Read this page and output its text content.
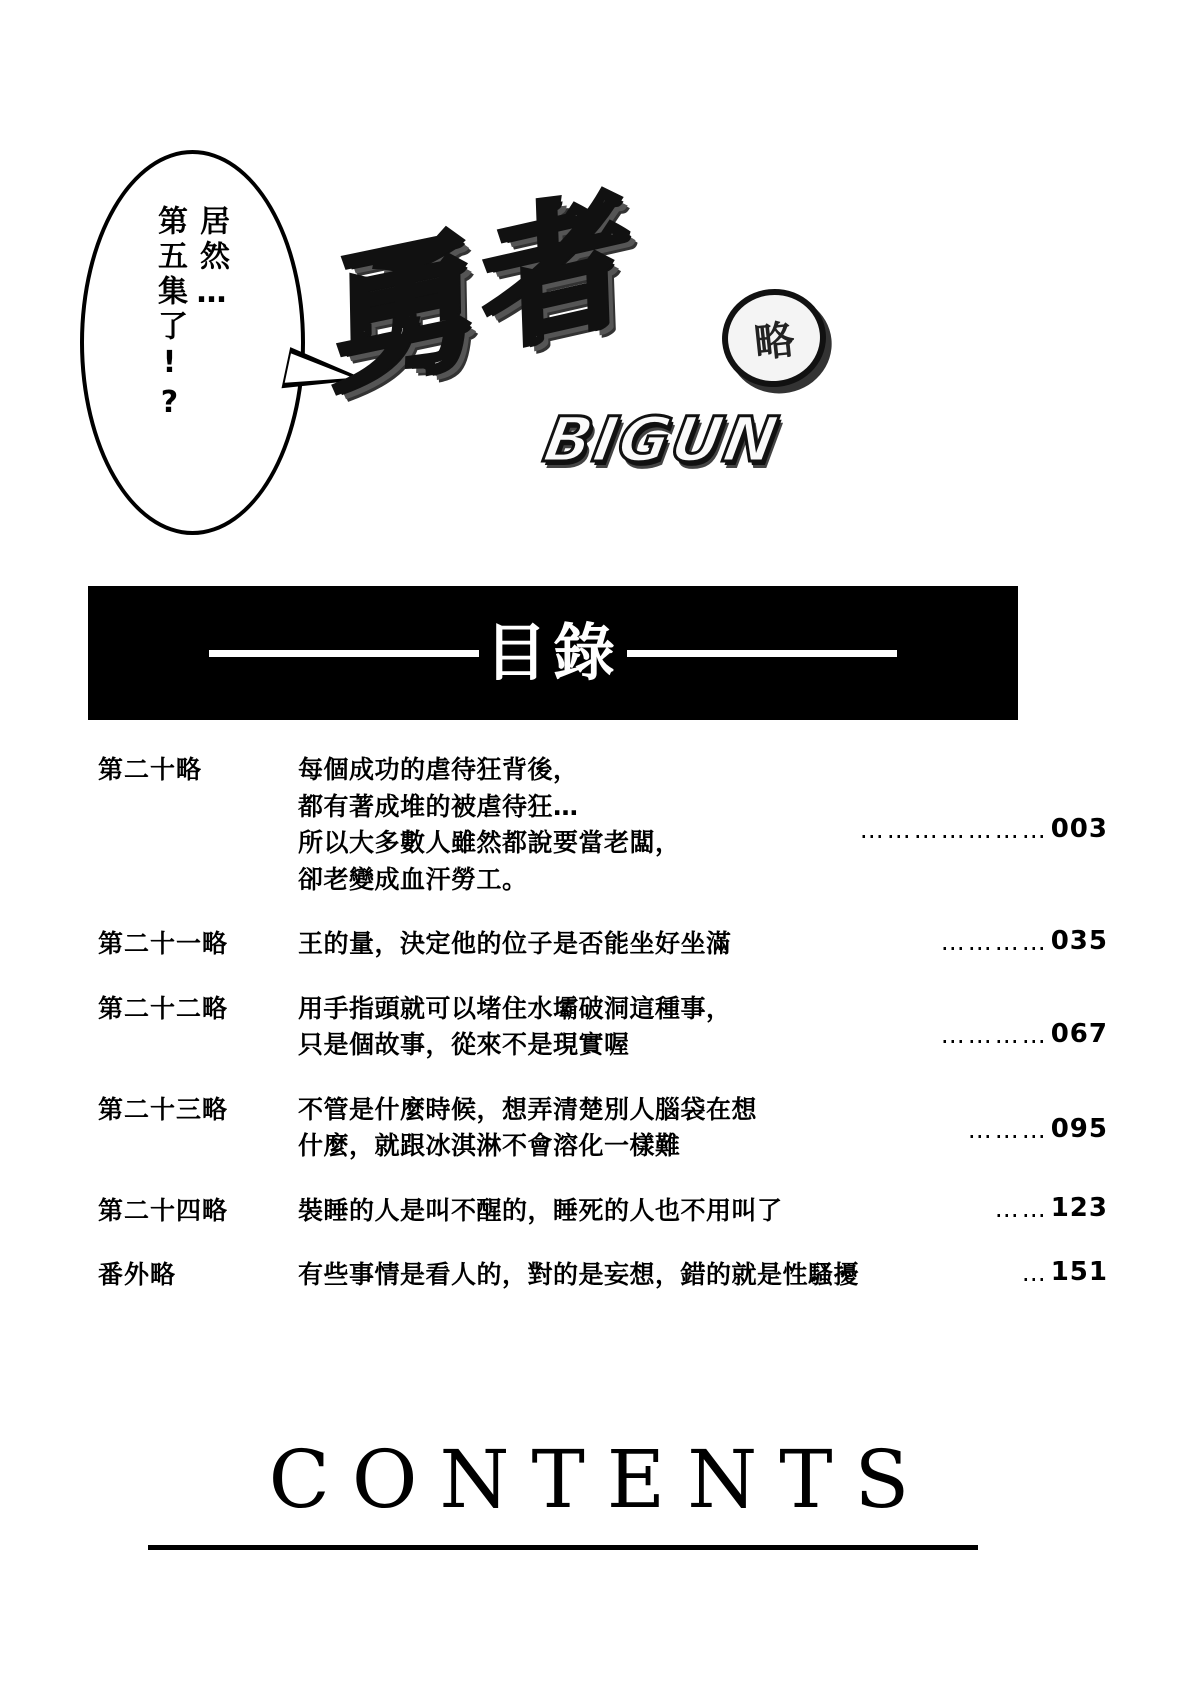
居然…
第五集了!? 勇者	略
BIGUN
目錄
第二十略	每個成功的虐待狂背後，
都有著成堆的被虐待狂…
所以大多數人雖然都說要當老闆，
卻老變成血汗勞工。
………………… 003
第二十一略	王的量，決定他的位子是否能坐好坐滿	………… 035
第二十二略	用手指頭就可以堵住水壩破洞這種事，
只是個故事，從來不是現實喔	………… 067
第二十三略	不管是什麼時候，想弄清楚別人腦袋在想
什麼，就跟冰淇淋不會溶化一樣難
……… 095
第二十四略	裝睡的人是叫不醒的，睡死的人也不用叫了	…… 123
番外略	有些事情是看人的，對的是妄想，錯的就是性騷擾	… 151
CONTENTS
